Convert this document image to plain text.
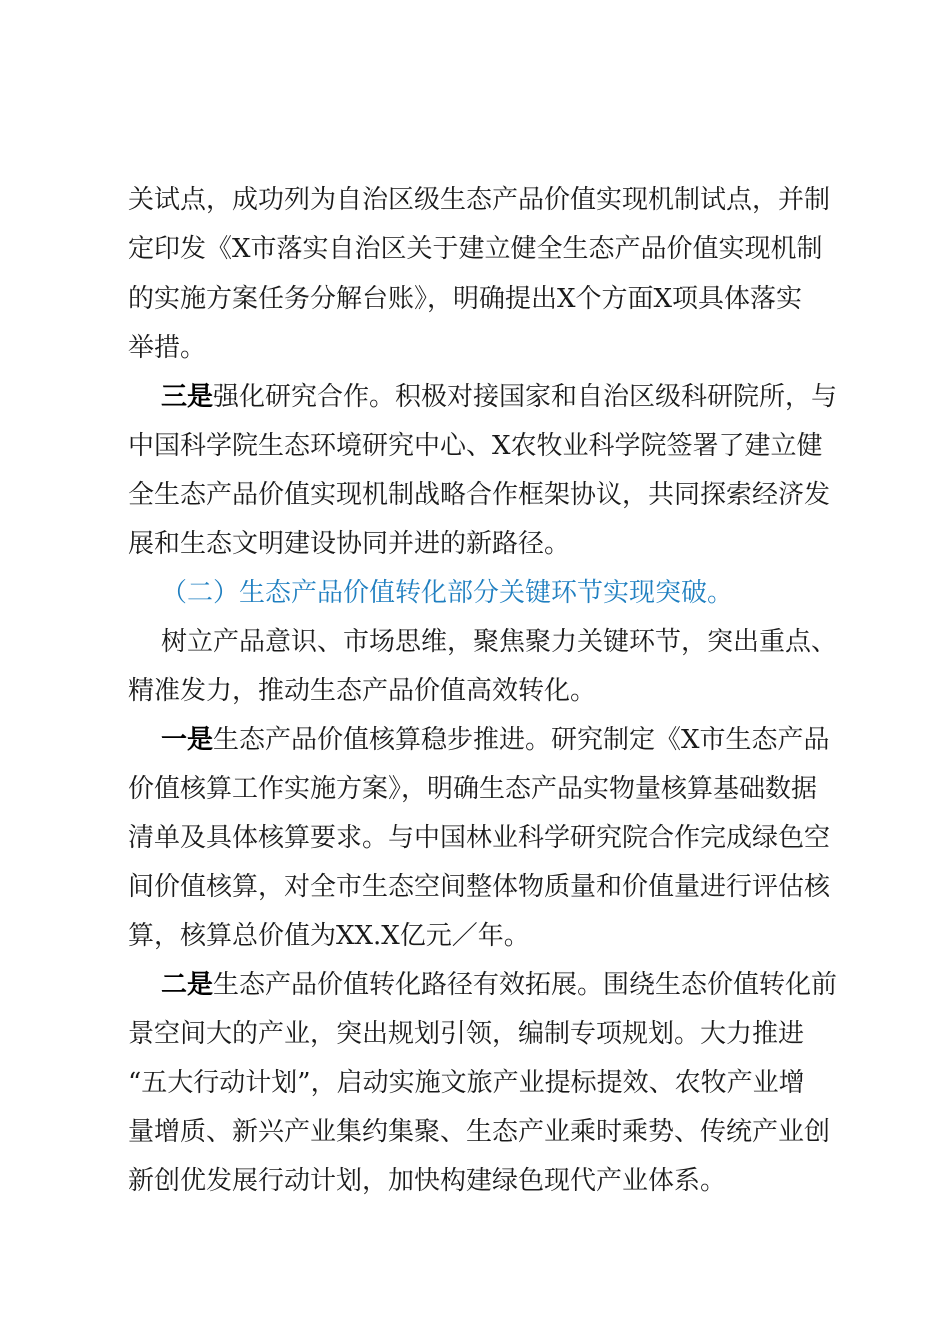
关试点，成功列为自治区级生态产品价值实现机制试点，并制
定印发《X市落实自治区关于建立健全生态产品价值实现机制
的实施方案任务分解台账》，明确提出X个方面X项具体落实
举措。
三是强化研究合作。积极对接国家和自治区级科研院所，与
中国科学院生态环境研究中心、X农牧业科学院签署了建立健
全生态产品价值实现机制战略合作框架协议，共同探索经济发
展和生态文明建设协同并进的新路径。
（二）生态产品价值转化部分关键环节实现突破。
树立产品意识、市场思维，聚焦聚力关键环节，突出重点、
精准发力，推动生态产品价值高效转化。
一是生态产品价值核算稳步推进。研究制定《X市生态产品
价值核算工作实施方案》，明确生态产品实物量核算基础数据
清单及具体核算要求。与中国林业科学研究院合作完成绿色空
间价值核算，对全市生态空间整体物质量和价值量进行评估核
算，核算总价值为XX.X亿元／年。
二是生态产品价值转化路径有效拓展。围绕生态价值转化前
景空间大的产业，突出规划引领，编制专项规划。大力推进
“五大行动计划”，启动实施文旅产业提标提效、农牧产业增
量增质、新兴产业集约集聚、生态产业乘时乘势、传统产业创
新创优发展行动计划，加快构建绿色现代产业体系。
